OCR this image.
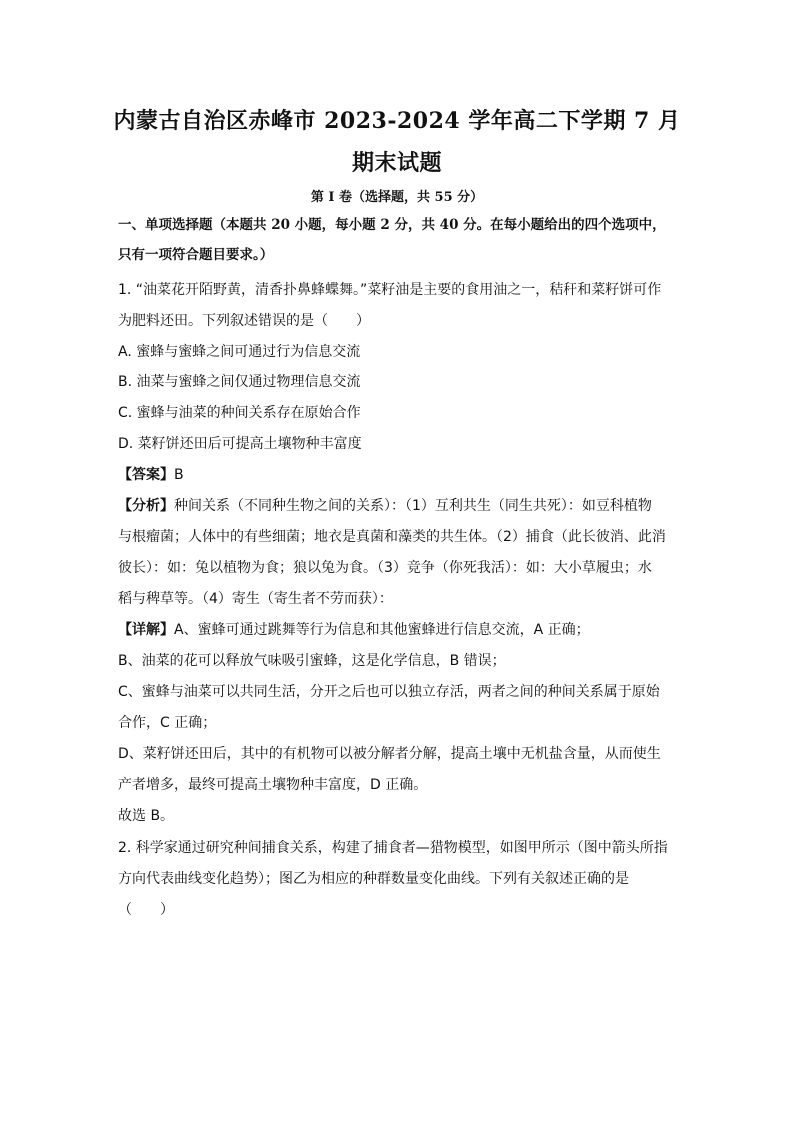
内蒙古自治区赤峰市 2023-2024 学年高二下学期 7 月
期末试题
第 I 卷（选择题，共 55 分）
一、单项选择题（本题共 20 小题，每小题 2 分，共 40 分。在每小题给出的四个选项中，
只有一项符合题目要求。）
1. “油菜花开陌野黄，清香扑鼻蜂蝶舞。”菜籽油是主要的食用油之一，秸秆和菜籽饼可作
为肥料还田。下列叙述错误的是（　　）
A. 蜜蜂与蜜蜂之间可通过行为信息交流
B. 油菜与蜜蜂之间仅通过物理信息交流
C. 蜜蜂与油菜的种间关系存在原始合作
D. 菜籽饼还田后可提高土壤物种丰富度
【答案】B
【分析】种间关系（不同种生物之间的关系）：（1）互利共生（同生共死）：如豆科植物
与根瘤菌；人体中的有些细菌；地衣是真菌和藻类的共生体。（2）捕食（此长彼消、此消
彼长）：如：兔以植物为食；狼以兔为食。（3）竞争（你死我活）：如：大小草履虫；水
稻与稗草等。（4）寄生（寄生者不劳而获）：
【详解】A、蜜蜂可通过跳舞等行为信息和其他蜜蜂进行信息交流，A 正确；
B、油菜的花可以释放气味吸引蜜蜂，这是化学信息，B 错误；
C、蜜蜂与油菜可以共同生活，分开之后也可以独立存活，两者之间的种间关系属于原始
合作，C 正确；
D、菜籽饼还田后，其中的有机物可以被分解者分解，提高土壤中无机盐含量，从而使生
产者增多，最终可提高土壤物种丰富度，D 正确。
故选 B。
2. 科学家通过研究种间捕食关系，构建了捕食者—猎物模型，如图甲所示（图中箭头所指
方向代表曲线变化趋势）；图乙为相应的种群数量变化曲线。下列有关叙述正确的是
（　　）
